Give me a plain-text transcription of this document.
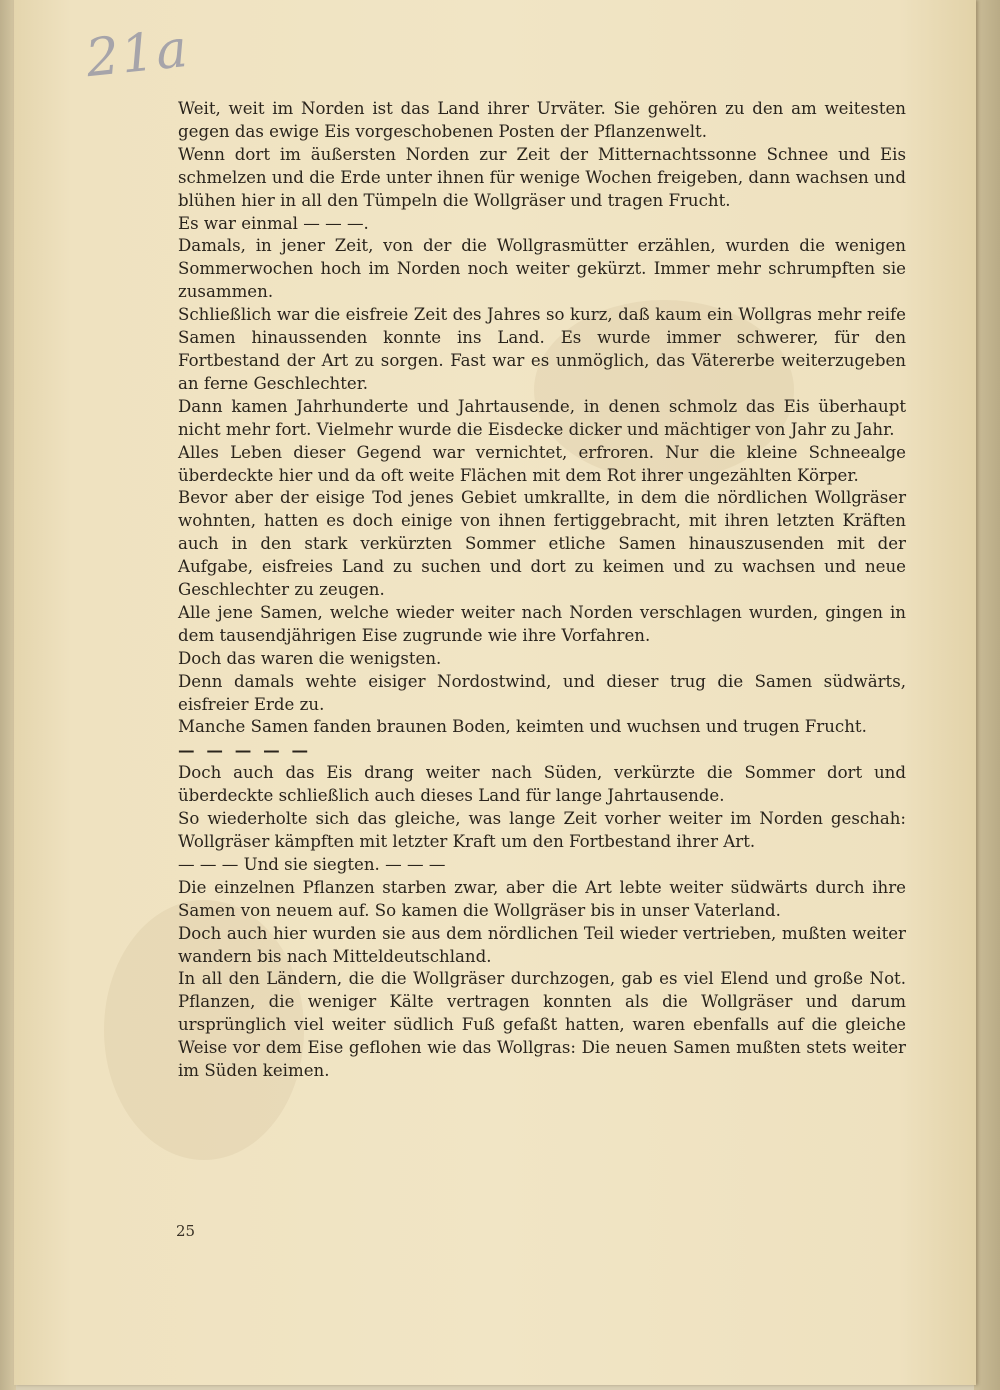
21a

Weit, weit im Norden ist das Land ihrer Urväter. Sie gehören zu den am weitesten gegen das ewige Eis vorgeschobenen Posten der Pflanzenwelt.

Wenn dort im äußersten Norden zur Zeit der Mitternachtssonne Schnee und Eis schmelzen und die Erde unter ihnen für wenige Wochen freigeben, dann wachsen und blühen hier in all den Tümpeln die Wollgräser und tragen Frucht.

Es war einmal — — —.

Damals, in jener Zeit, von der die Wollgrasmütter erzählen, wurden die wenigen Sommerwochen hoch im Norden noch weiter gekürzt. Immer mehr schrumpften sie zusammen.

Schließlich war die eisfreie Zeit des Jahres so kurz, daß kaum ein Wollgras mehr reife Samen hinaussenden konnte ins Land. Es wurde immer schwerer, für den Fortbestand der Art zu sorgen. Fast war es unmöglich, das Vätererbe weiterzugeben an ferne Geschlechter.

Dann kamen Jahrhunderte und Jahrtausende, in denen schmolz das Eis überhaupt nicht mehr fort. Vielmehr wurde die Eisdecke dicker und mächtiger von Jahr zu Jahr.

Alles Leben dieser Gegend war vernichtet, erfroren. Nur die kleine Schneealge überdeckte hier und da oft weite Flächen mit dem Rot ihrer ungezählten Körper.

Bevor aber der eisige Tod jenes Gebiet umkrallte, in dem die nördlichen Wollgräser wohnten, hatten es doch einige von ihnen fertiggebracht, mit ihren letzten Kräften auch in den stark verkürzten Sommer etliche Samen hinauszusenden mit der Aufgabe, eisfreies Land zu suchen und dort zu keimen und zu wachsen und neue Geschlechter zu zeugen.

Alle jene Samen, welche wieder weiter nach Norden verschlagen wurden, gingen in dem tausendjährigen Eise zugrunde wie ihre Vorfahren.

Doch das waren die wenigsten.

Denn damals wehte eisiger Nordostwind, und dieser trug die Samen südwärts, eisfreier Erde zu.

Manche Samen fanden braunen Boden, keimten und wuchsen und trugen Frucht.

— — — — —

Doch auch das Eis drang weiter nach Süden, verkürzte die Sommer dort und überdeckte schließlich auch dieses Land für lange Jahrtausende.

So wiederholte sich das gleiche, was lange Zeit vorher weiter im Norden geschah: Wollgräser kämpften mit letzter Kraft um den Fortbestand ihrer Art.

— — — Und sie siegten. — — —

Die einzelnen Pflanzen starben zwar, aber die Art lebte weiter südwärts durch ihre Samen von neuem auf. So kamen die Wollgräser bis in unser Vaterland.

Doch auch hier wurden sie aus dem nördlichen Teil wieder vertrieben, mußten weiter wandern bis nach Mitteldeutschland.

In all den Ländern, die die Wollgräser durchzogen, gab es viel Elend und große Not. Pflanzen, die weniger Kälte vertragen konnten als die Wollgräser und darum ursprünglich viel weiter südlich Fuß gefaßt hatten, waren ebenfalls auf die gleiche Weise vor dem Eise geflohen wie das Wollgras: Die neuen Samen mußten stets weiter im Süden keimen.

25
